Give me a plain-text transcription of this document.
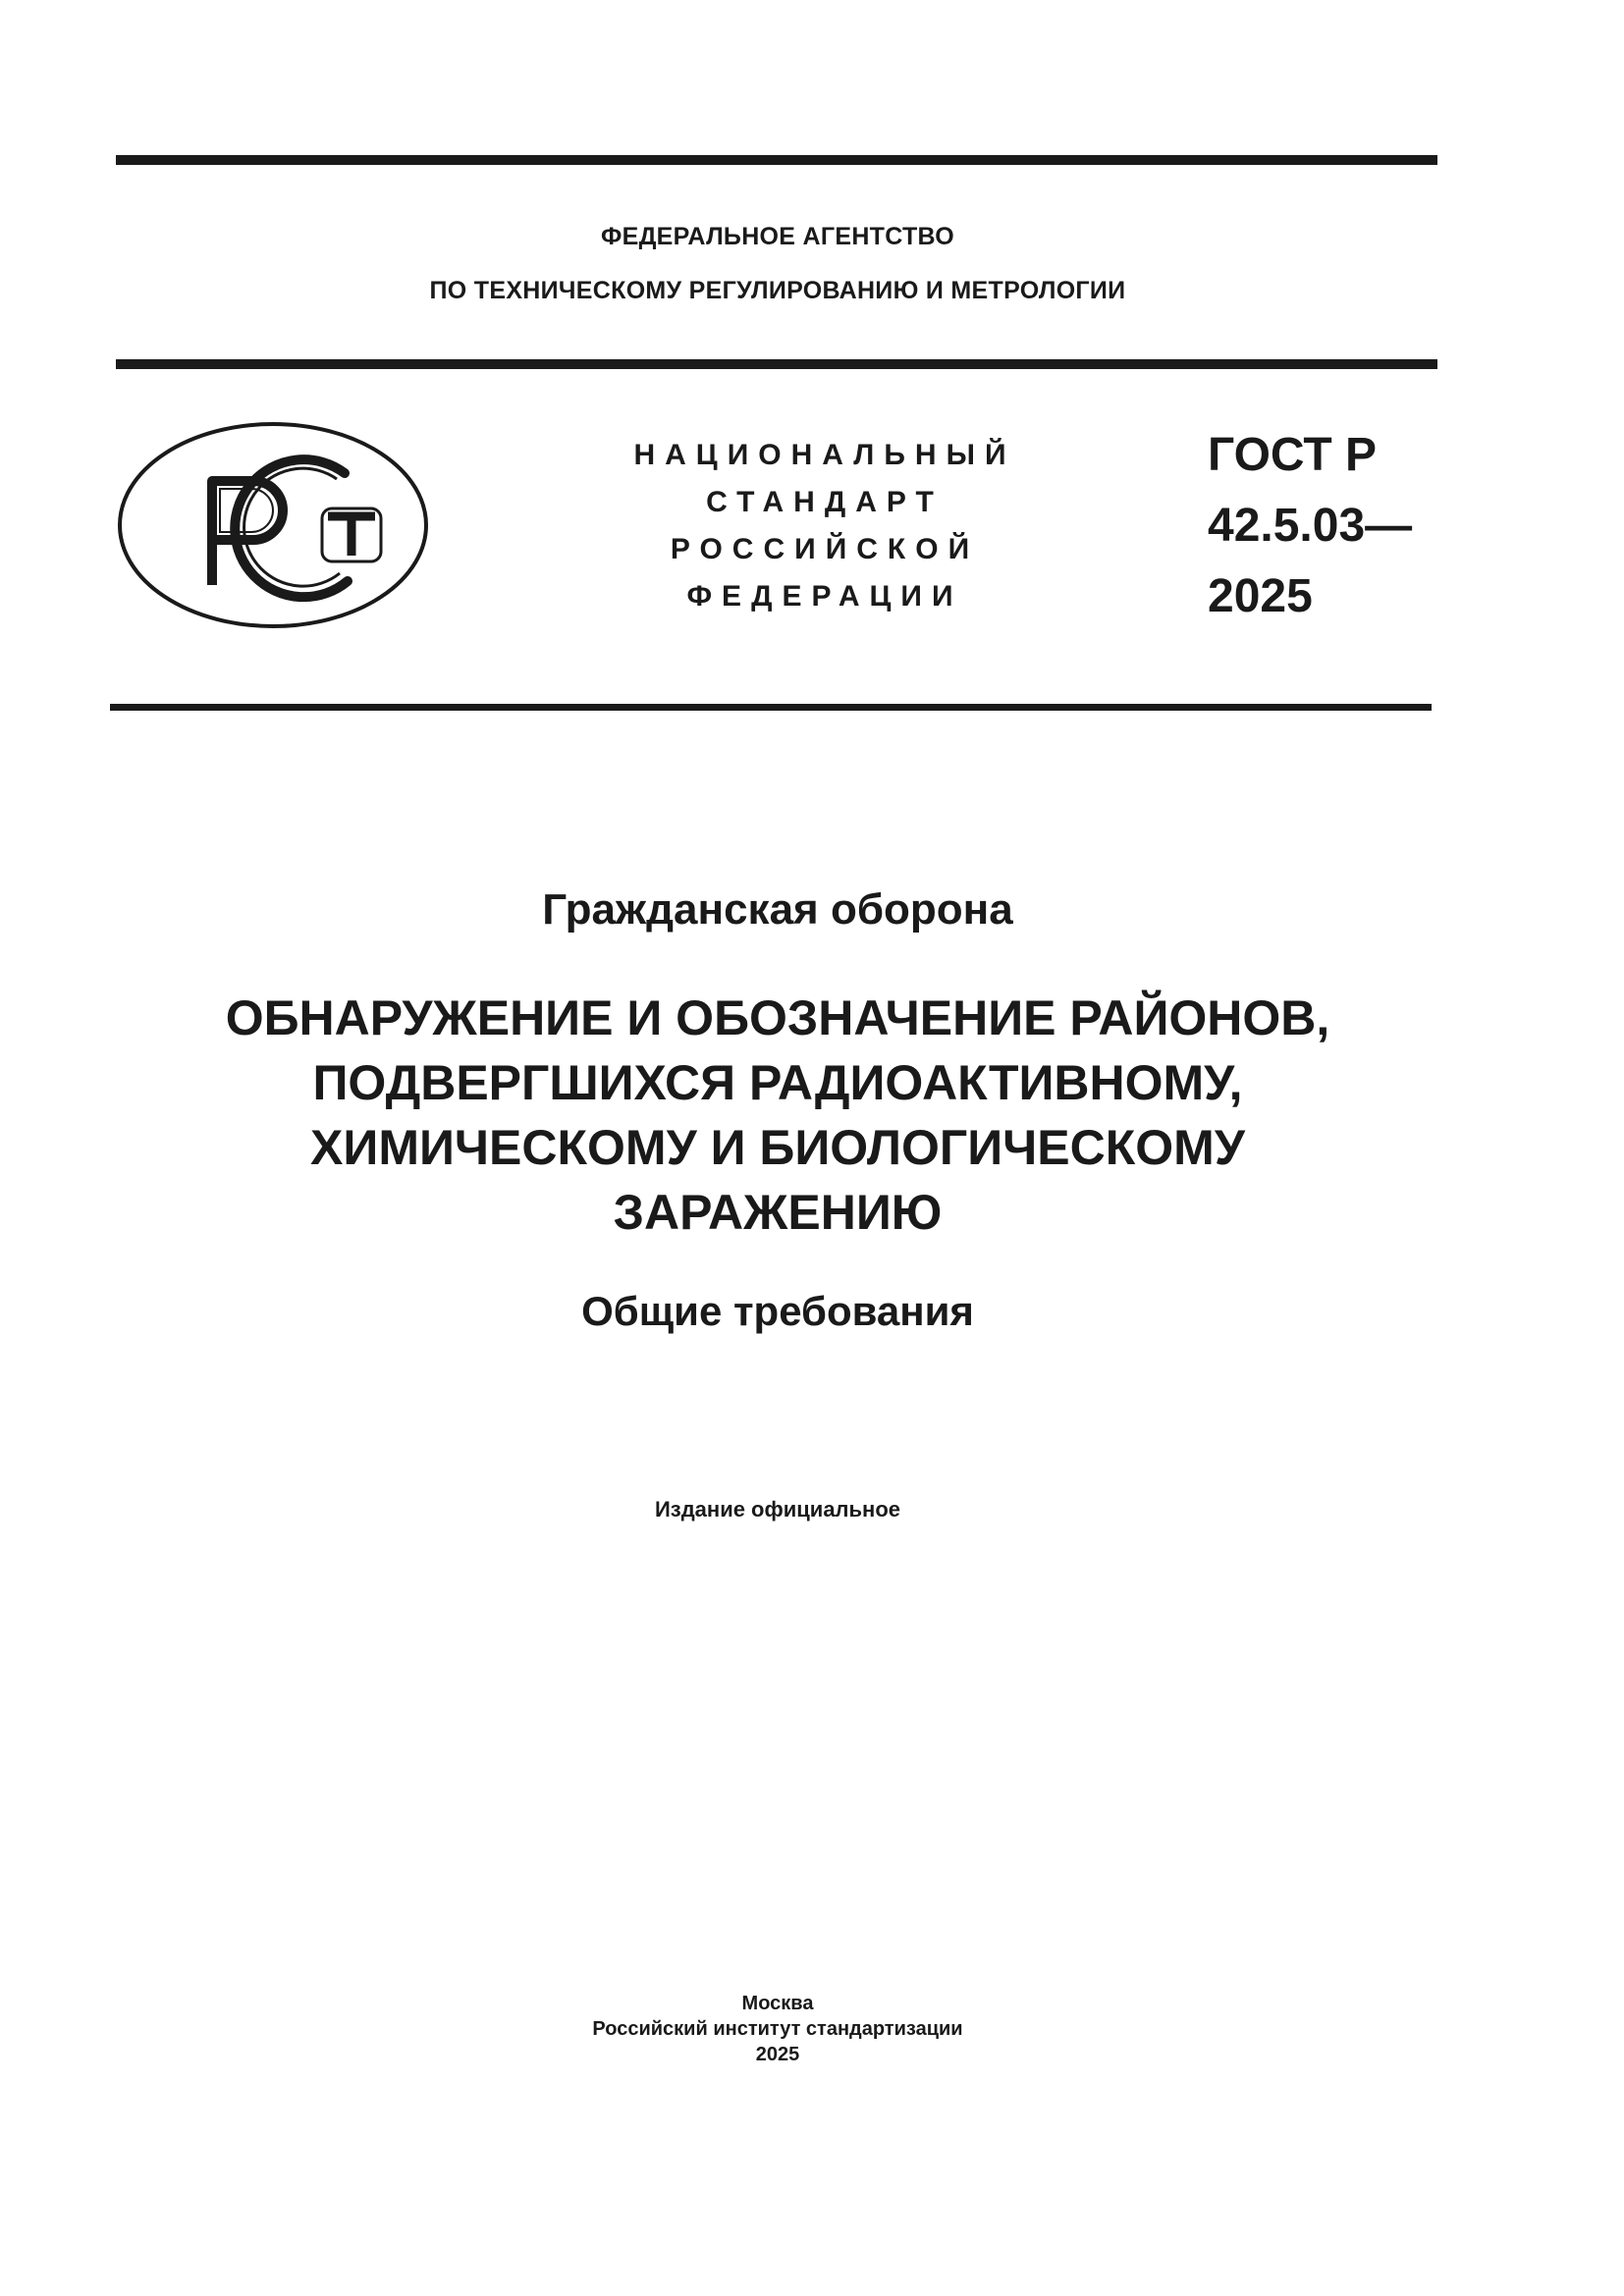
ФЕДЕРАЛЬНОЕ АГЕНТСТВО
ПО ТЕХНИЧЕСКОМУ РЕГУЛИРОВАНИЮ И МЕТРОЛОГИИ
НАЦИОНАЛЬНЫЙ
СТАНДАРТ
РОССИЙСКОЙ
ФЕДЕРАЦИИ
ГОСТ Р
42.5.03—
2025
Гражданская оборона
ОБНАРУЖЕНИЕ И ОБОЗНАЧЕНИЕ РАЙОНОВ,
ПОДВЕРГШИХСЯ РАДИОАКТИВНОМУ,
ХИМИЧЕСКОМУ И БИОЛОГИЧЕСКОМУ
ЗАРАЖЕНИЮ
Общие требования
Издание официальное
Москва
Российский институт стандартизации
2025
